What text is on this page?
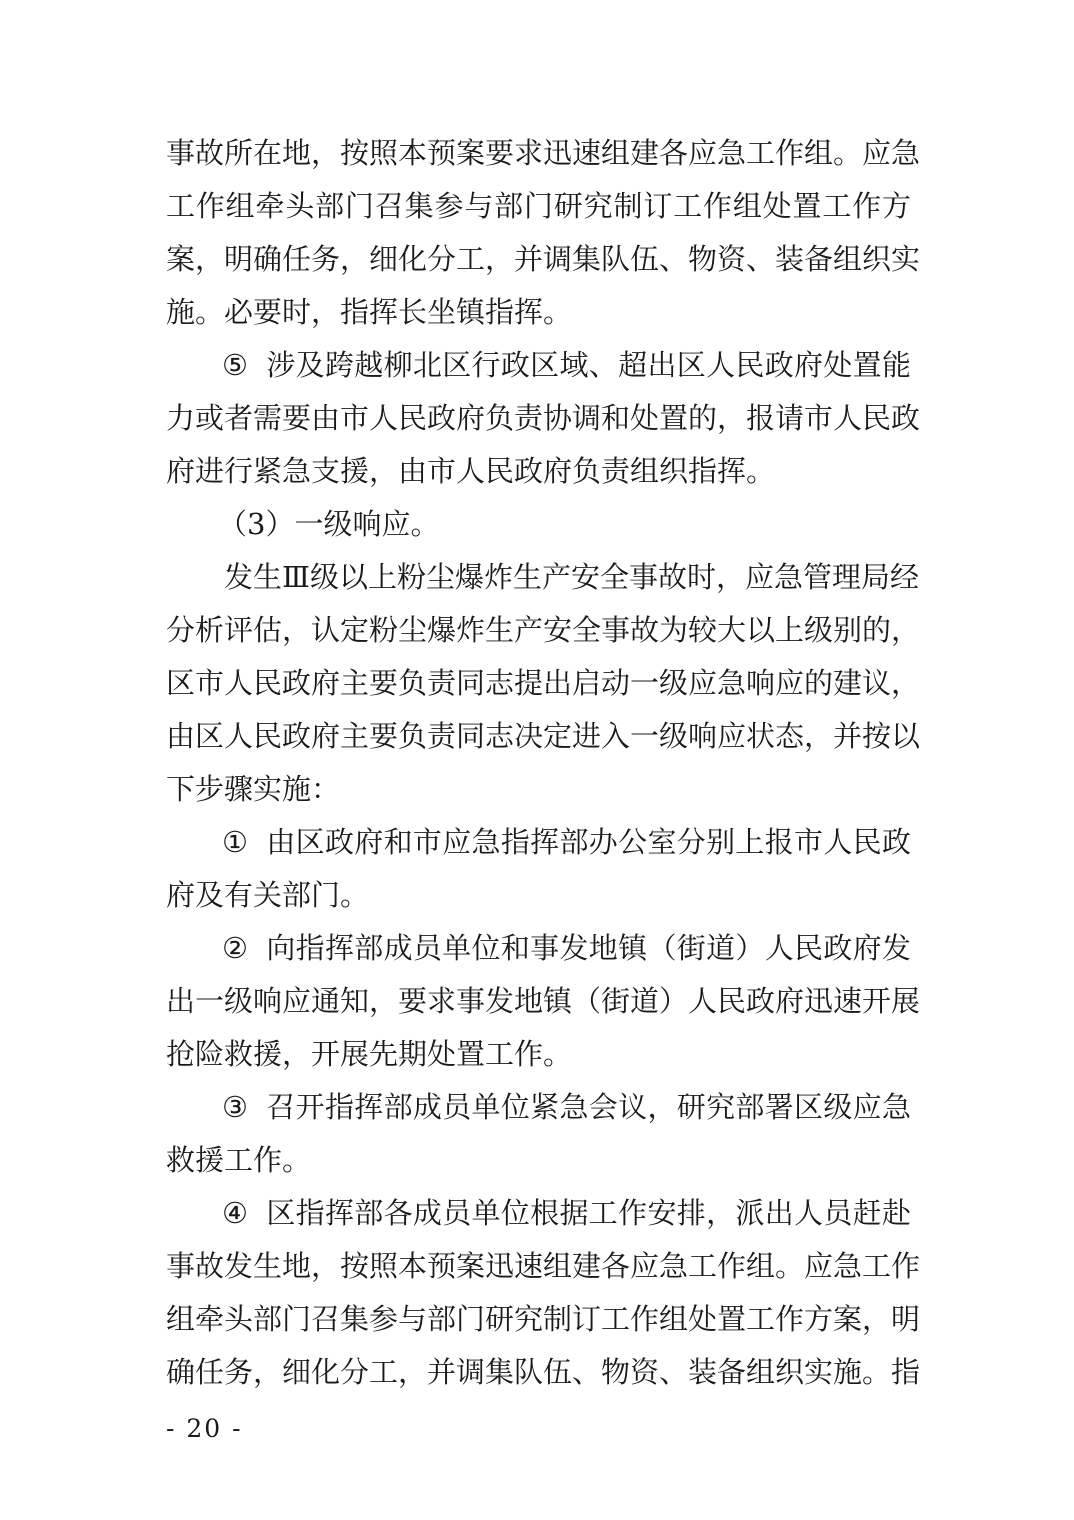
事故所在地，按照本预案要求迅速组建各应急工作组。应急
工作组牵头部门召集参与部门研究制订工作组处置工作方
案，明确任务，细化分工，并调集队伍、物资、装备组织实
施。必要时，指挥长坐镇指挥。
⑤ 涉及跨越柳北区行政区域、超出区人民政府处置能
力或者需要由市人民政府负责协调和处置的，报请市人民政
府进行紧急支援，由市人民政府负责组织指挥。
（3）一级响应。
发生Ⅲ级以上粉尘爆炸生产安全事故时，应急管理局经
分析评估，认定粉尘爆炸生产安全事故为较大以上级别的，
区市人民政府主要负责同志提出启动一级应急响应的建议，
由区人民政府主要负责同志决定进入一级响应状态，并按以
下步骤实施：
① 由区政府和市应急指挥部办公室分别上报市人民政
府及有关部门。
② 向指挥部成员单位和事发地镇（街道）人民政府发
出一级响应通知，要求事发地镇（街道）人民政府迅速开展
抢险救援，开展先期处置工作。
③ 召开指挥部成员单位紧急会议，研究部署区级应急
救援工作。
④ 区指挥部各成员单位根据工作安排，派出人员赶赴
事故发生地，按照本预案迅速组建各应急工作组。应急工作
组牵头部门召集参与部门研究制订工作组处置工作方案，明
确任务，细化分工，并调集队伍、物资、装备组织实施。指
- 20 -
